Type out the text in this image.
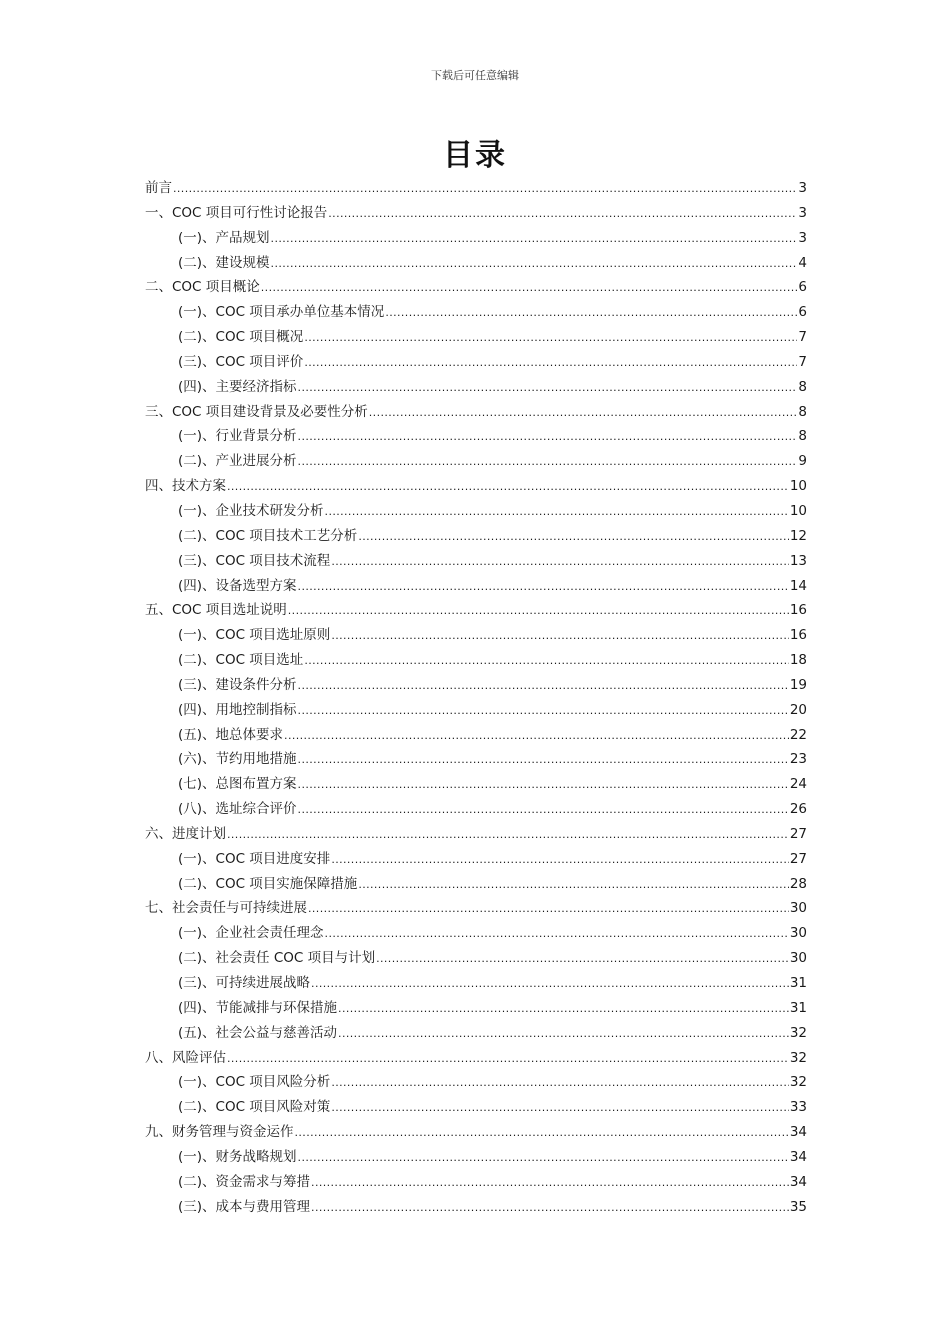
下载后可任意编辑
目录
前言 .....	3
一、COC 项目可行性讨论报告 .....	3
(一)、产品规划 .....	3
(二)、建设规模 .....	4
二、COC 项目概论 .....	6
(一)、COC 项目承办单位基本情况 .....	6
(二)、COC 项目概况 .....	7
(三)、COC 项目评价 .....	7
(四)、主要经济指标 .....	8
三、COC 项目建设背景及必要性分析 .....	8
(一)、行业背景分析 .....	8
(二)、产业进展分析 .....	9
四、技术方案 .....	10
(一)、企业技术研发分析 .....	10
(二)、COC 项目技术工艺分析 .....	12
(三)、COC 项目技术流程 .....	13
(四)、设备选型方案 .....	14
五、COC 项目选址说明 .....	16
(一)、COC 项目选址原则 .....	16
(二)、COC 项目选址 .....	18
(三)、建设条件分析 .....	19
(四)、用地控制指标 .....	20
(五)、地总体要求 .....	22
(六)、节约用地措施 .....	23
(七)、总图布置方案 .....	24
(八)、选址综合评价 .....	26
六、进度计划 .....	27
(一)、COC 项目进度安排 .....	27
(二)、COC 项目实施保障措施 .....	28
七、社会责任与可持续进展 .....	30
(一)、企业社会责任理念 .....	30
(二)、社会责任 COC 项目与计划 .....	30
(三)、可持续进展战略 .....	31
(四)、节能减排与环保措施 .....	31
(五)、社会公益与慈善活动 .....	32
八、风险评估 .....	32
(一)、COC 项目风险分析 .....	32
(二)、COC 项目风险对策 .....	33
九、财务管理与资金运作 .....	34
(一)、财务战略规划 .....	34
(二)、资金需求与筹措 .....	34
(三)、成本与费用管理 .....	35
